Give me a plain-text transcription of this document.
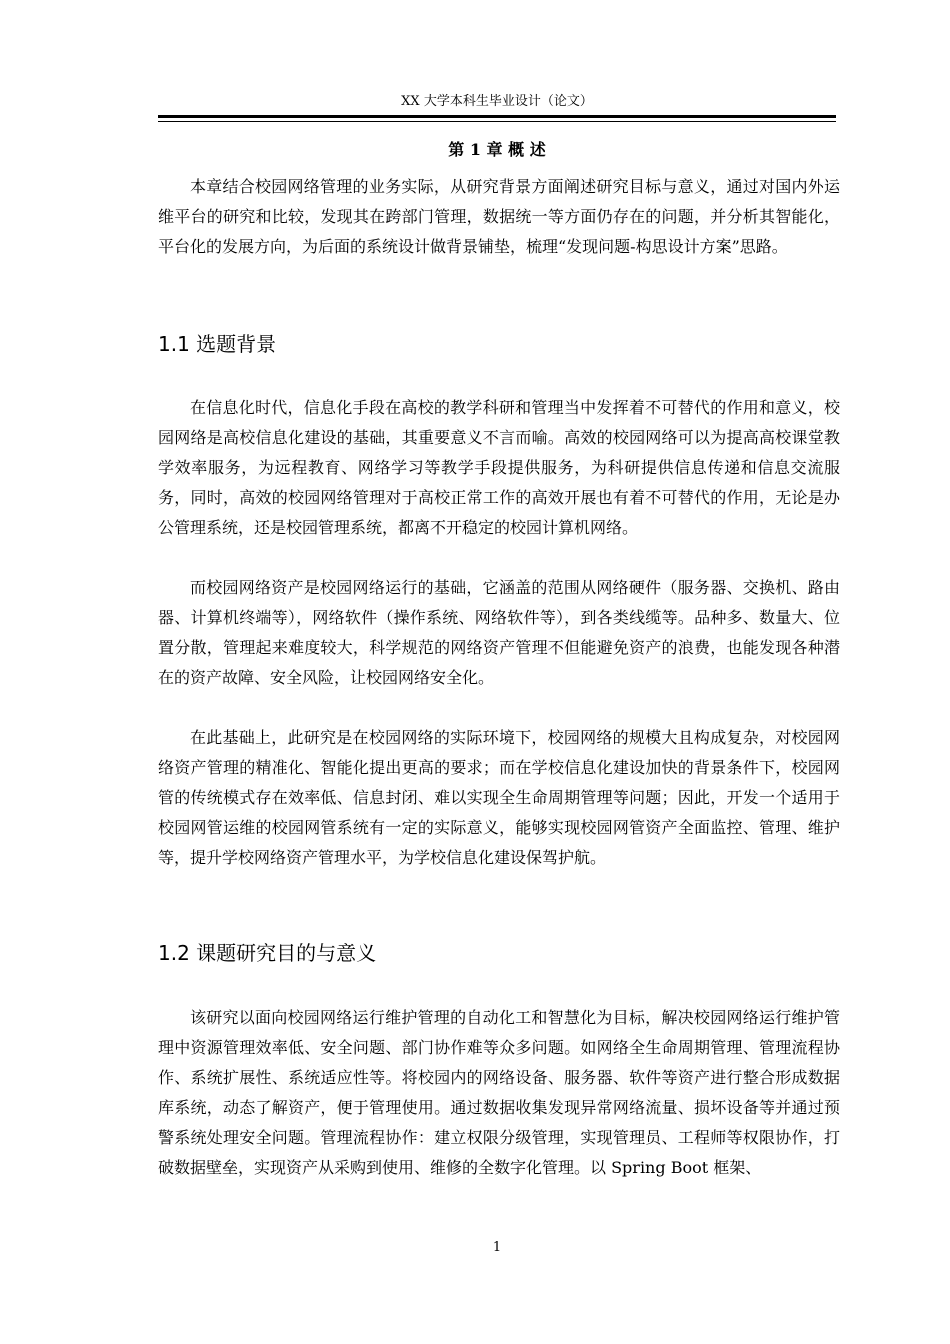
XX 大学本科生毕业设计（论文）
第 1 章 概 述

本章结合校园网络管理的业务实际，从研究背景方面阐述研究目标与意义，通过对国内外运维平台的研究和比较，发现其在跨部门管理，数据统一等方面仍存在的问题，并分析其智能化，平台化的发展方向，为后面的系统设计做背景铺垫，梳理“发现问题-构思设计方案”思路。

1.1 选题背景

在信息化时代，信息化手段在高校的教学科研和管理当中发挥着不可替代的作用和意义，校园网络是高校信息化建设的基础，其重要意义不言而喻。高效的校园网络可以为提高高校课堂教学效率服务，为远程教育、网络学习等教学手段提供服务，为科研提供信息传递和信息交流服务，同时，高效的校园网络管理对于高校正常工作的高效开展也有着不可替代的作用，无论是办公管理系统，还是校园管理系统，都离不开稳定的校园计算机网络。

而校园网络资产是校园网络运行的基础，它涵盖的范围从网络硬件（服务器、交换机、路由器、计算机终端等），网络软件（操作系统、网络软件等），到各类线缆等。品种多、数量大、位置分散，管理起来难度较大，科学规范的网络资产管理不但能避免资产的浪费，也能发现各种潜在的资产故障、安全风险，让校园网络安全化。

在此基础上，此研究是在校园网络的实际环境下，校园网络的规模大且构成复杂，对校园网络资产管理的精准化、智能化提出更高的要求；而在学校信息化建设加快的背景条件下，校园网管的传统模式存在效率低、信息封闭、难以实现全生命周期管理等问题；因此，开发一个适用于校园网管运维的校园网管系统有一定的实际意义，能够实现校园网管资产全面监控、管理、维护等，提升学校网络资产管理水平，为学校信息化建设保驾护航。

1.2 课题研究目的与意义

该研究以面向校园网络运行维护管理的自动化工和智慧化为目标，解决校园网络运行维护管理中资源管理效率低、安全问题、部门协作难等众多问题。如网络全生命周期管理、管理流程协作、系统扩展性、系统适应性等。将校园内的网络设备、服务器、软件等资产进行整合形成数据库系统，动态了解资产，便于管理使用。通过数据收集发现异常网络流量、损坏设备等并通过预警系统处理安全问题。管理流程协作：建立权限分级管理，实现管理员、工程师等权限协作，打破数据壁垒，实现资产从采购到使用、维修的全数字化管理。以 Spring Boot 框架、

1
